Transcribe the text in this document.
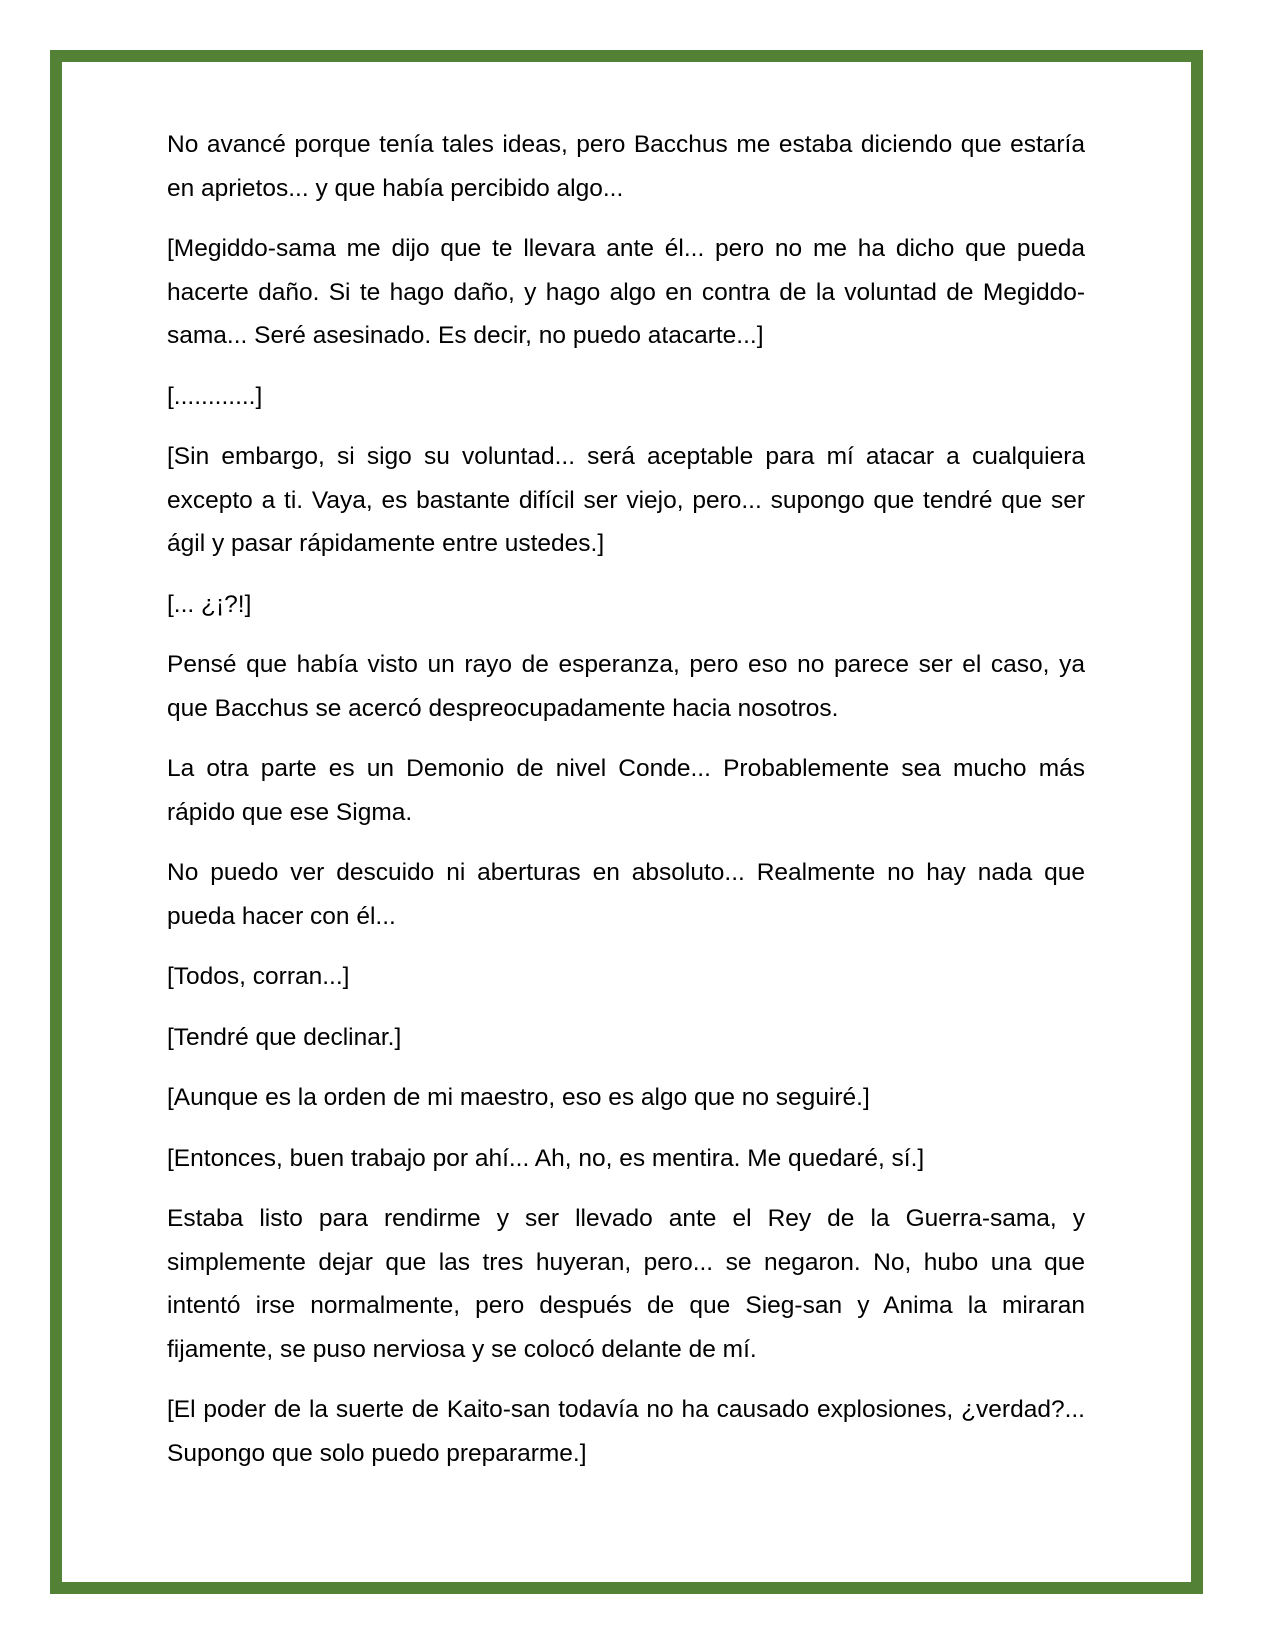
No avancé porque tenía tales ideas, pero Bacchus me estaba diciendo que estaría en aprietos... y que había percibido algo...

[Megiddo-sama me dijo que te llevara ante él... pero no me ha dicho que pueda hacerte daño. Si te hago daño, y hago algo en contra de la voluntad de Megiddo-sama... Seré asesinado. Es decir, no puedo atacarte...]

[............]

[Sin embargo, si sigo su voluntad... será aceptable para mí atacar a cualquiera excepto a ti. Vaya, es bastante difícil ser viejo, pero... supongo que tendré que ser ágil y pasar rápidamente entre ustedes.]

[... ¿¡?!]

Pensé que había visto un rayo de esperanza, pero eso no parece ser el caso, ya que Bacchus se acercó despreocupadamente hacia nosotros.

La otra parte es un Demonio de nivel Conde... Probablemente sea mucho más rápido que ese Sigma.

No puedo ver descuido ni aberturas en absoluto... Realmente no hay nada que pueda hacer con él...

[Todos, corran...]

[Tendré que declinar.]

[Aunque es la orden de mi maestro, eso es algo que no seguiré.]

[Entonces, buen trabajo por ahí... Ah, no, es mentira. Me quedaré, sí.]

Estaba listo para rendirme y ser llevado ante el Rey de la Guerra-sama, y simplemente dejar que las tres huyeran, pero... se negaron. No, hubo una que intentó irse normalmente, pero después de que Sieg-san y Anima la miraran fijamente, se puso nerviosa y se colocó delante de mí.

[El poder de la suerte de Kaito-san todavía no ha causado explosiones, ¿verdad?... Supongo que solo puedo prepararme.]
